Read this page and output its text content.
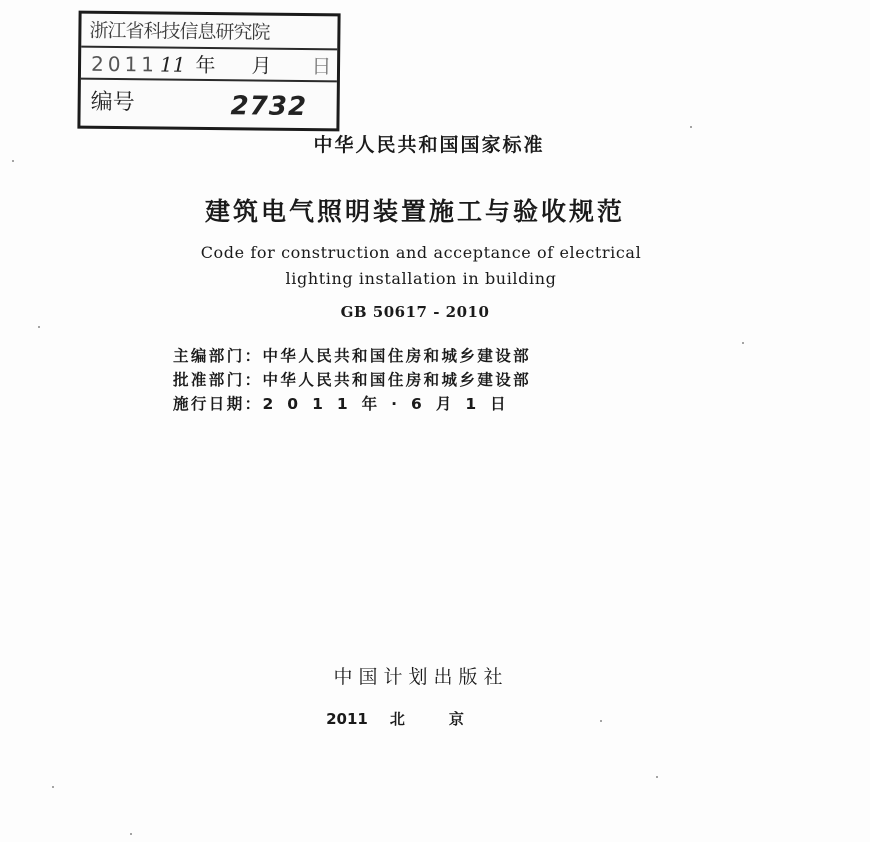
浙江省科技信息研究院
201111 年 月 日
编号	2732
中华人民共和国国家标准
建筑电气照明装置施工与验收规范
Code for construction and acceptance of electrical
lighting installation in building
GB 50617 - 2010
主编部门：中华人民共和国住房和城乡建设部
批准部门：中华人民共和国住房和城乡建设部
施行日期：2011年·6月1日
中国计划出版社
2011 北京
